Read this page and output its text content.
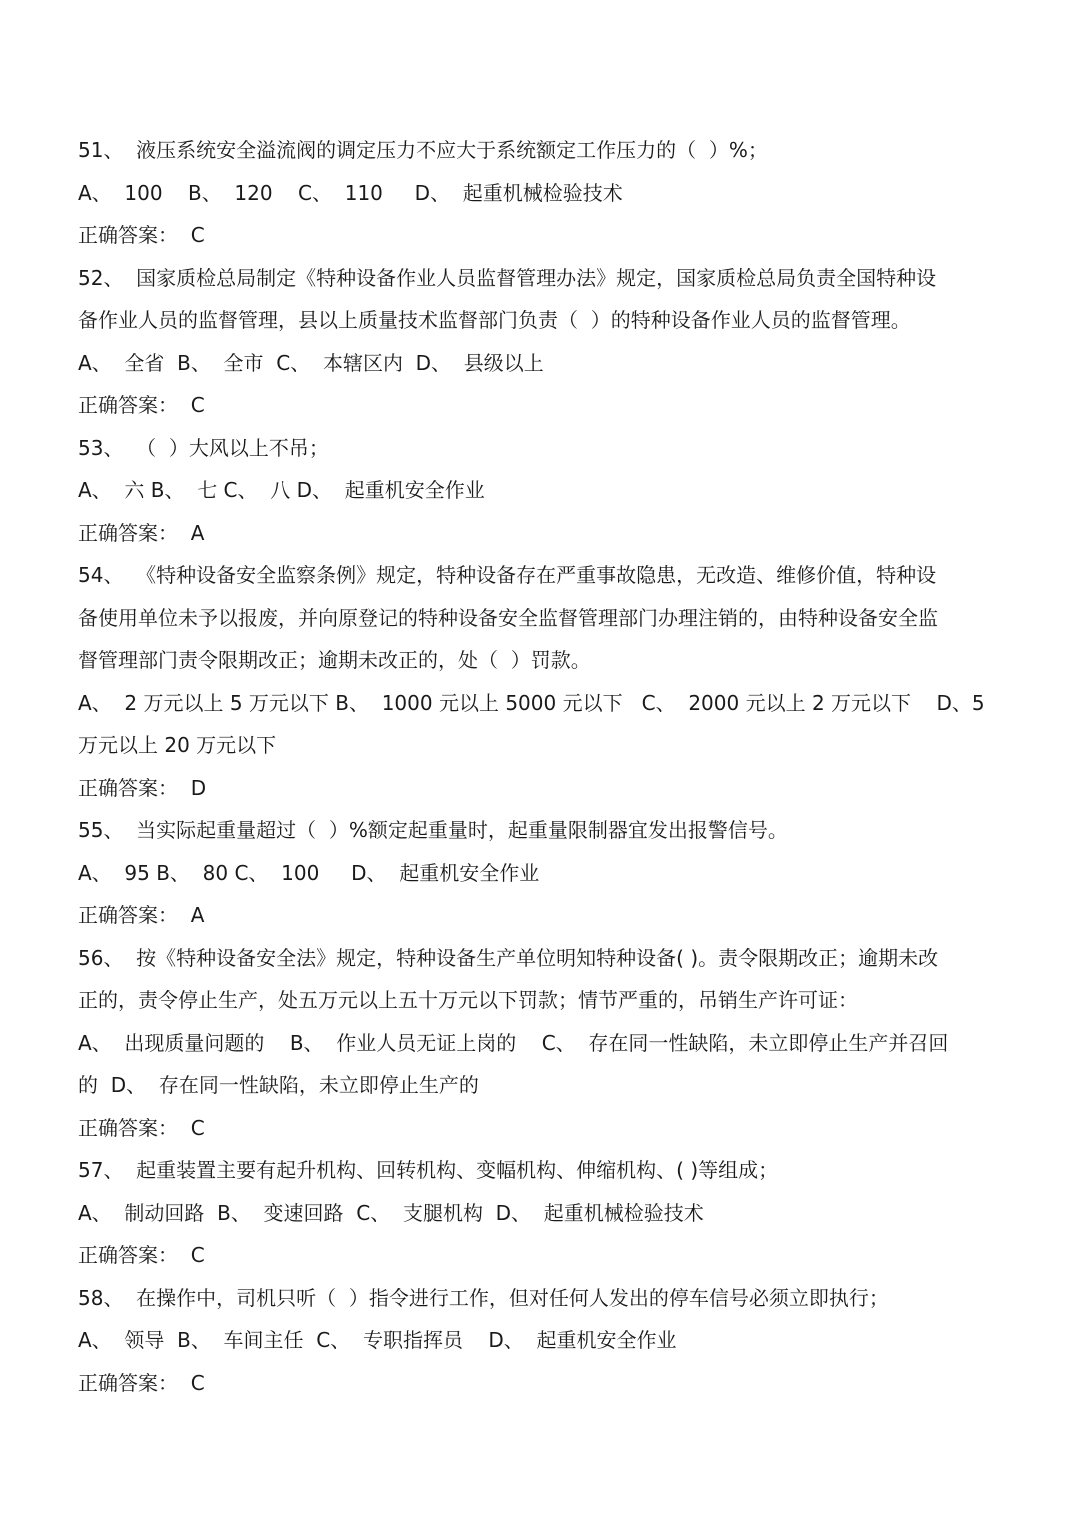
51、  液压系统安全溢流阀的调定压力不应大于系统额定工作压力的（  ）%；
A、  100    B、  120    C、  110     D、  起重机械检验技术
正确答案：  C
52、  国家质检总局制定《特种设备作业人员监督管理办法》规定，国家质检总局负责全国特种设
备作业人员的监督管理，县以上质量技术监督部门负责（  ）的特种设备作业人员的监督管理。
A、  全省  B、  全市  C、  本辖区内  D、  县级以上
正确答案：  C
53、  （  ）大风以上不吊；
A、  六 B、  七 C、  八 D、  起重机安全作业
正确答案：  A
54、  《特种设备安全监察条例》规定，特种设备存在严重事故隐患，无改造、维修价值，特种设
备使用单位未予以报废，并向原登记的特种设备安全监督管理部门办理注销的，由特种设备安全监
督管理部门责令限期改正；逾期未改正的，处（  ）罚款。
A、  2 万元以上 5 万元以下 B、  1000 元以上 5000 元以下   C、  2000 元以上 2 万元以下    D、5
万元以上 20 万元以下
正确答案：  D
55、  当实际起重量超过（  ）%额定起重量时，起重量限制器宜发出报警信号。
A、  95 B、  80 C、  100     D、  起重机安全作业
正确答案：  A
56、  按《特种设备安全法》规定，特种设备生产单位明知特种设备( )。责令限期改正；逾期未改
正的，责令停止生产，处五万元以上五十万元以下罚款；情节严重的，吊销生产许可证：
A、  出现质量问题的    B、  作业人员无证上岗的    C、  存在同一性缺陷，未立即停止生产并召回
的  D、  存在同一性缺陷，未立即停止生产的
正确答案：  C
57、  起重装置主要有起升机构、回转机构、变幅机构、伸缩机构、( )等组成；
A、  制动回路  B、  变速回路  C、  支腿机构  D、  起重机械检验技术
正确答案：  C
58、  在操作中，司机只听（  ）指令进行工作，但对任何人发出的停车信号必须立即执行；
A、  领导  B、  车间主任  C、  专职指挥员    D、  起重机安全作业
正确答案：  C
